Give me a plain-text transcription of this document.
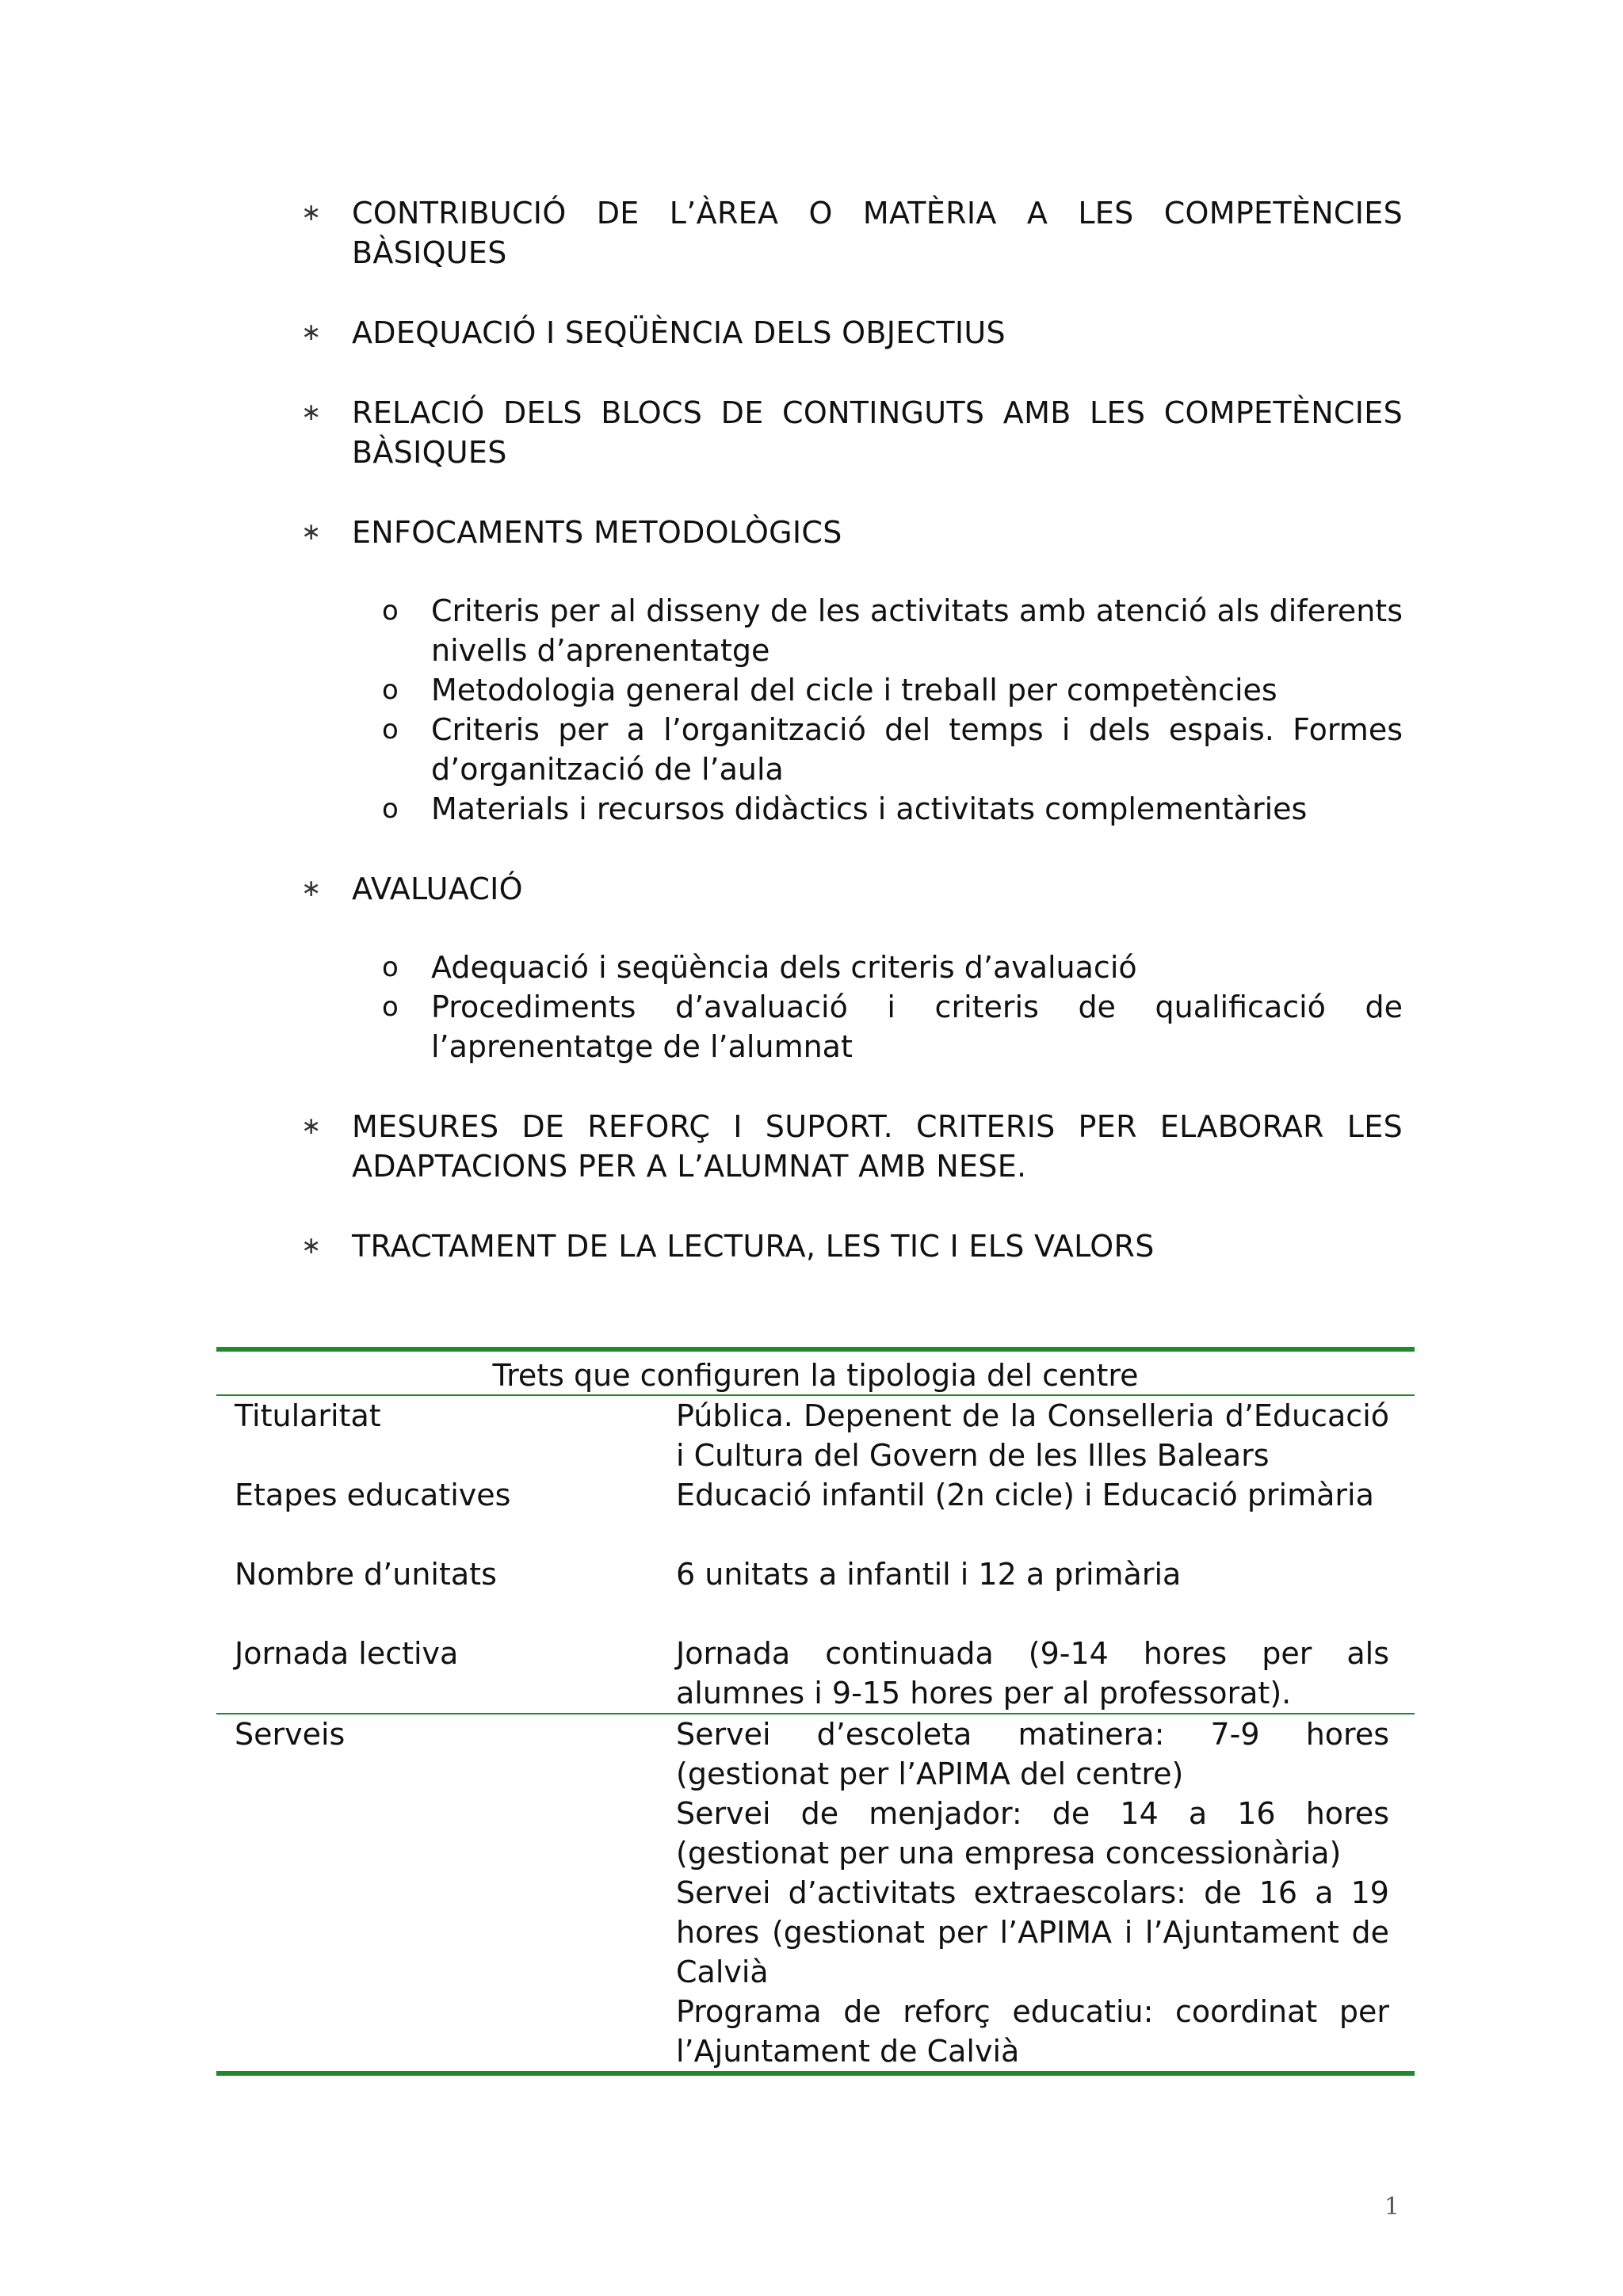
∗ CONTRIBUCIÓ DE L’ÀREA O MATÈRIA A LES COMPETÈNCIES BÀSIQUES
∗ ADEQUACIÓ I SEQÜÈNCIA DELS OBJECTIUS
∗ RELACIÓ DELS BLOCS DE CONTINGUTS AMB LES COMPETÈNCIES BÀSIQUES
∗ ENFOCAMENTS METODOLÒGICS
o Criteris per al disseny de les activitats amb atenció als diferents nivells d’aprenentatge
o Metodologia general del cicle i treball per competències
o Criteris per a l’organització del temps i dels espais. Formes d’organització de l’aula
o Materials i recursos didàctics i activitats complementàries
∗ AVALUACIÓ
o Adequació i seqüència dels criteris d’avaluació
o Procediments d’avaluació i criteris de qualificació de l’aprenentatge de l’alumnat
∗ MESURES DE REFORÇ I SUPORT. CRITERIS PER ELABORAR LES ADAPTACIONS PER A L’ALUMNAT AMB NESE.
∗ TRACTAMENT DE LA LECTURA, LES TIC I ELS VALORS
Trets que configuren la tipologia del centre
Titularitat	Pública. Depenent de la Conselleria d’Educació i Cultura del Govern de les Illes Balears
Etapes educatives	Educació infantil (2n cicle) i Educació primària
Nombre d’unitats	6 unitats a infantil i 12 a primària
Jornada lectiva	Jornada continuada (9-14 hores per als alumnes i 9-15 hores per al professorat).
Serveis	Servei d’escoleta matinera: 7-9 hores (gestionat per l’APIMA del centre)
Servei de menjador: de 14 a 16 hores (gestionat per una empresa concessionària)
Servei d’activitats extraescolars: de 16 a 19 hores (gestionat per l’APIMA i l’Ajuntament de Calvià
Programa de reforç educatiu: coordinat per l’Ajuntament de Calvià
1
